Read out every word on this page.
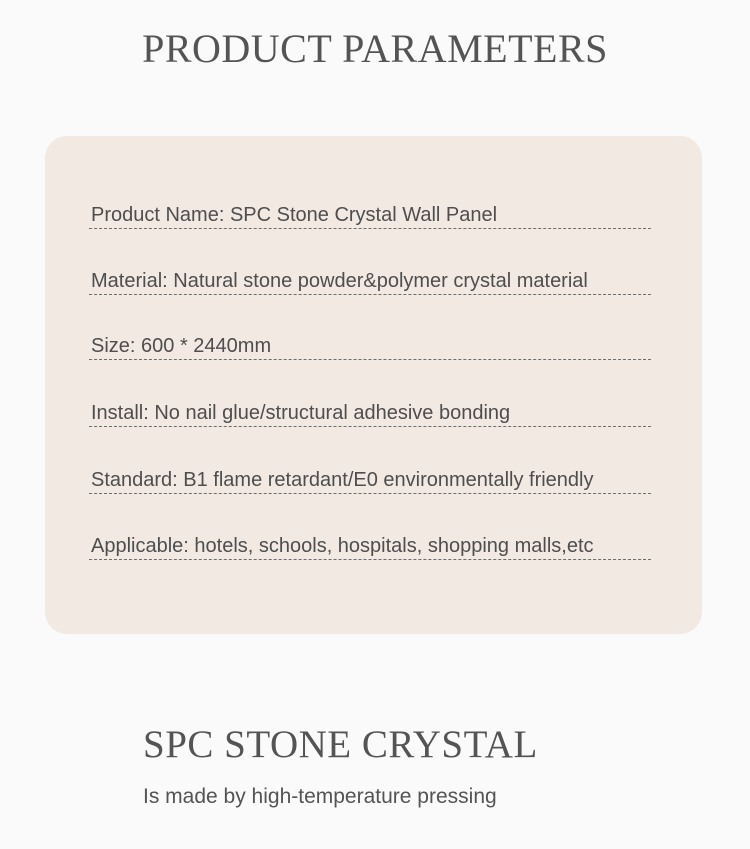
PRODUCT PARAMETERS
Product Name: SPC Stone Crystal Wall Panel
Material: Natural stone powder&polymer crystal material
Size: 600 * 2440mm
Install: No nail glue/structural adhesive bonding
Standard: B1 flame retardant/E0 environmentally friendly
Applicable: hotels, schools, hospitals, shopping malls,etc
SPC STONE CRYSTAL
Is made by high-temperature pressing
